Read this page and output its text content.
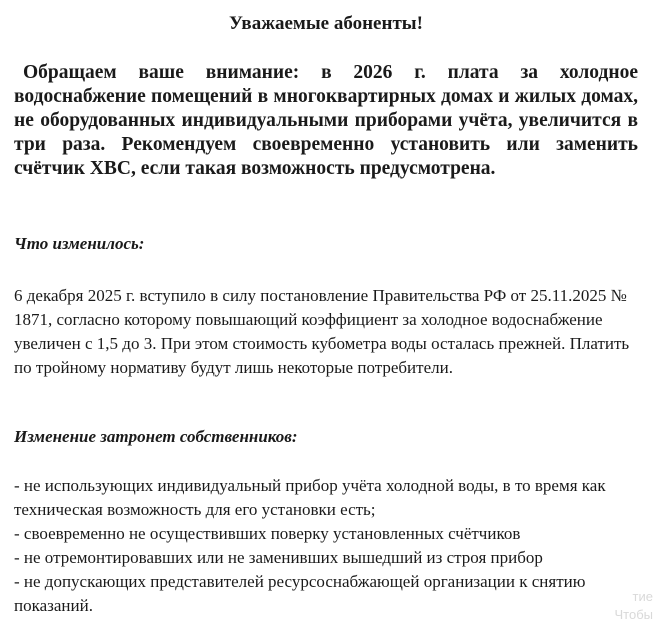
Уважаемые абоненты!
Обращаем ваше внимание: в 2026 г. плата за холодное водоснабжение помещений в многоквартирных домах и жилых домах, не оборудованных индивидуальными приборами учёта, увеличится в три раза. Рекомендуем своевременно установить или заменить счётчик ХВС, если такая возможность предусмотрена.
Что изменилось:
6 декабря 2025 г. вступило в силу постановление Правительства РФ от 25.11.2025 № 1871, согласно которому повышающий коэффициент за холодное водоснабжение увеличен с 1,5 до 3. При этом стоимость кубометра воды осталась прежней. Платить по тройному нормативу будут лишь некоторые потребители.
Изменение затронет собственников:
- не использующих индивидуальный прибор учёта холодной воды, в то время как техническая возможность для его установки есть;
- своевременно не осуществивших поверку установленных счётчиков
- не отремонтировавших или не заменивших вышедший из строя прибор
- не допускающих представителей ресурсоснабжающей организации к снятию показаний.	тие
Чтобы
